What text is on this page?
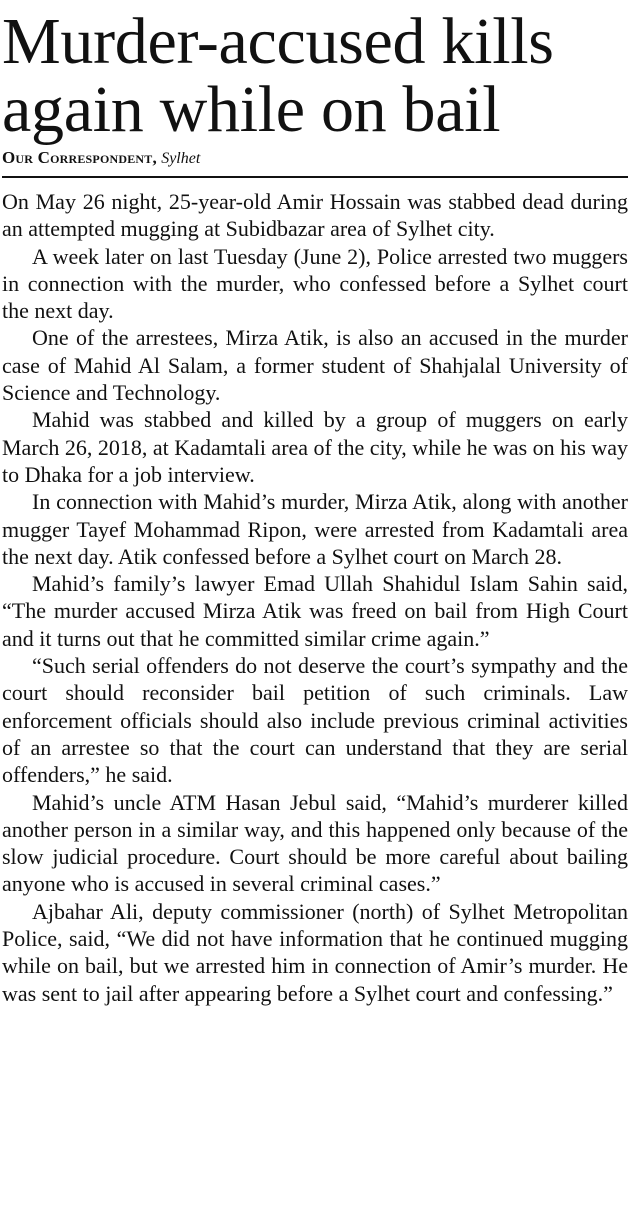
Murder-accused kills again while on bail
Our Correspondent, Sylhet

On May 26 night, 25-year-old Amir Hossain was stabbed dead during an attempted mugging at Subidbazar area of Sylhet city.

A week later on last Tuesday (June 2), Police arrested two muggers in connection with the murder, who confessed before a Sylhet court the next day.

One of the arrestees, Mirza Atik, is also an accused in the murder case of Mahid Al Salam, a former student of Shahjalal University of Science and Technology.

Mahid was stabbed and killed by a group of muggers on early March 26, 2018, at Kadamtali area of the city, while he was on his way to Dhaka for a job interview.

In connection with Mahid’s murder, Mirza Atik, along with another mugger Tayef Mohammad Ripon, were arrested from Kadamtali area the next day. Atik confessed before a Sylhet court on March 28.

Mahid’s family’s lawyer Emad Ullah Shahidul Islam Sahin said, “The murder accused Mirza Atik was freed on bail from High Court and it turns out that he committed similar crime again.”

“Such serial offenders do not deserve the court’s sympathy and the court should reconsider bail petition of such criminals. Law enforcement officials should also include previous criminal activities of an arrestee so that the court can understand that they are serial offenders,” he said.

Mahid’s uncle ATM Hasan Jebul said, “Mahid’s murderer killed another person in a similar way, and this happened only because of the slow judicial procedure. Court should be more careful about bailing anyone who is accused in several criminal cases.”

Ajbahar Ali, deputy commissioner (north) of Sylhet Metropolitan Police, said, “We did not have information that he continued mugging while on bail, but we arrested him in connection of Amir’s murder. He was sent to jail after appearing before a Sylhet court and confessing.”
